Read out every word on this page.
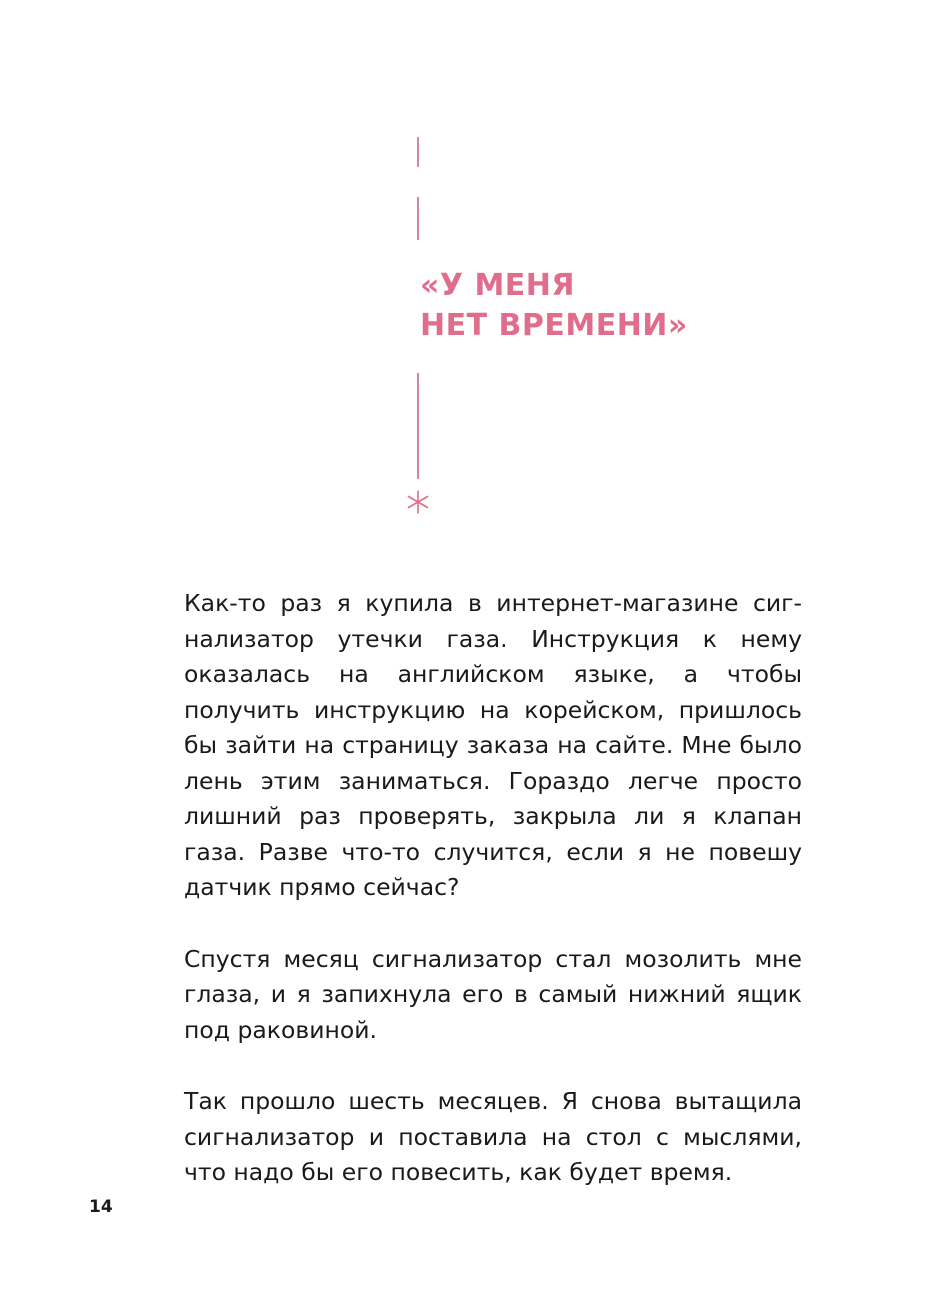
«У МЕНЯ
НЕТ ВРЕМЕНИ»

Как-то раз я купила в интернет-магазине сигнализатор утечки газа. Инструкция к нему оказалась на английском языке, а чтобы получить инструкцию на корейском, пришлось бы зайти на страницу заказа на сайте. Мне было лень этим заниматься. Гораздо легче просто лишний раз проверять, закрыла ли я клапан газа. Разве что-то случится, если я не повешу датчик прямо сейчас?

Спустя месяц сигнализатор стал мозолить мне глаза, и я запихнула его в самый нижний ящик под раковиной.

Так прошло шесть месяцев. Я снова вытащила сигнализатор и поставила на стол с мыслями, что надо бы его повесить, как будет время.

14
